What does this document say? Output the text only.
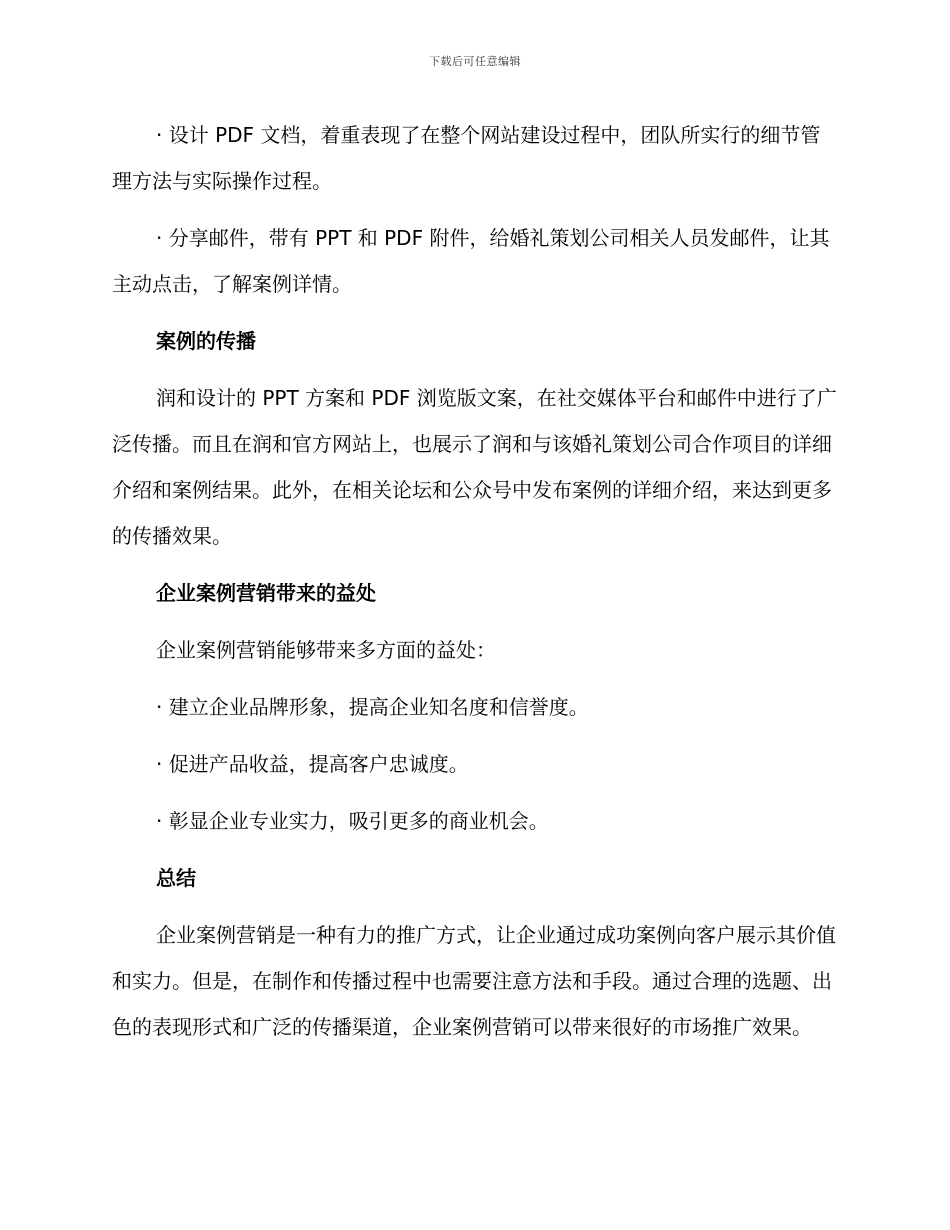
下载后可任意编辑

· 设计 PDF 文档，着重表现了在整个网站建设过程中，团队所实行的细节管理方法与实际操作过程。

· 分享邮件，带有 PPT 和 PDF 附件，给婚礼策划公司相关人员发邮件，让其主动点击，了解案例详情。

案例的传播

润和设计的 PPT 方案和 PDF 浏览版文案，在社交媒体平台和邮件中进行了广泛传播。而且在润和官方网站上，也展示了润和与该婚礼策划公司合作项目的详细介绍和案例结果。此外，在相关论坛和公众号中发布案例的详细介绍，来达到更多的传播效果。

企业案例营销带来的益处

企业案例营销能够带来多方面的益处：

· 建立企业品牌形象，提高企业知名度和信誉度。

· 促进产品收益，提高客户忠诚度。

· 彰显企业专业实力，吸引更多的商业机会。

总结

企业案例营销是一种有力的推广方式，让企业通过成功案例向客户展示其价值和实力。但是，在制作和传播过程中也需要注意方法和手段。通过合理的选题、出色的表现形式和广泛的传播渠道，企业案例营销可以带来很好的市场推广效果。
